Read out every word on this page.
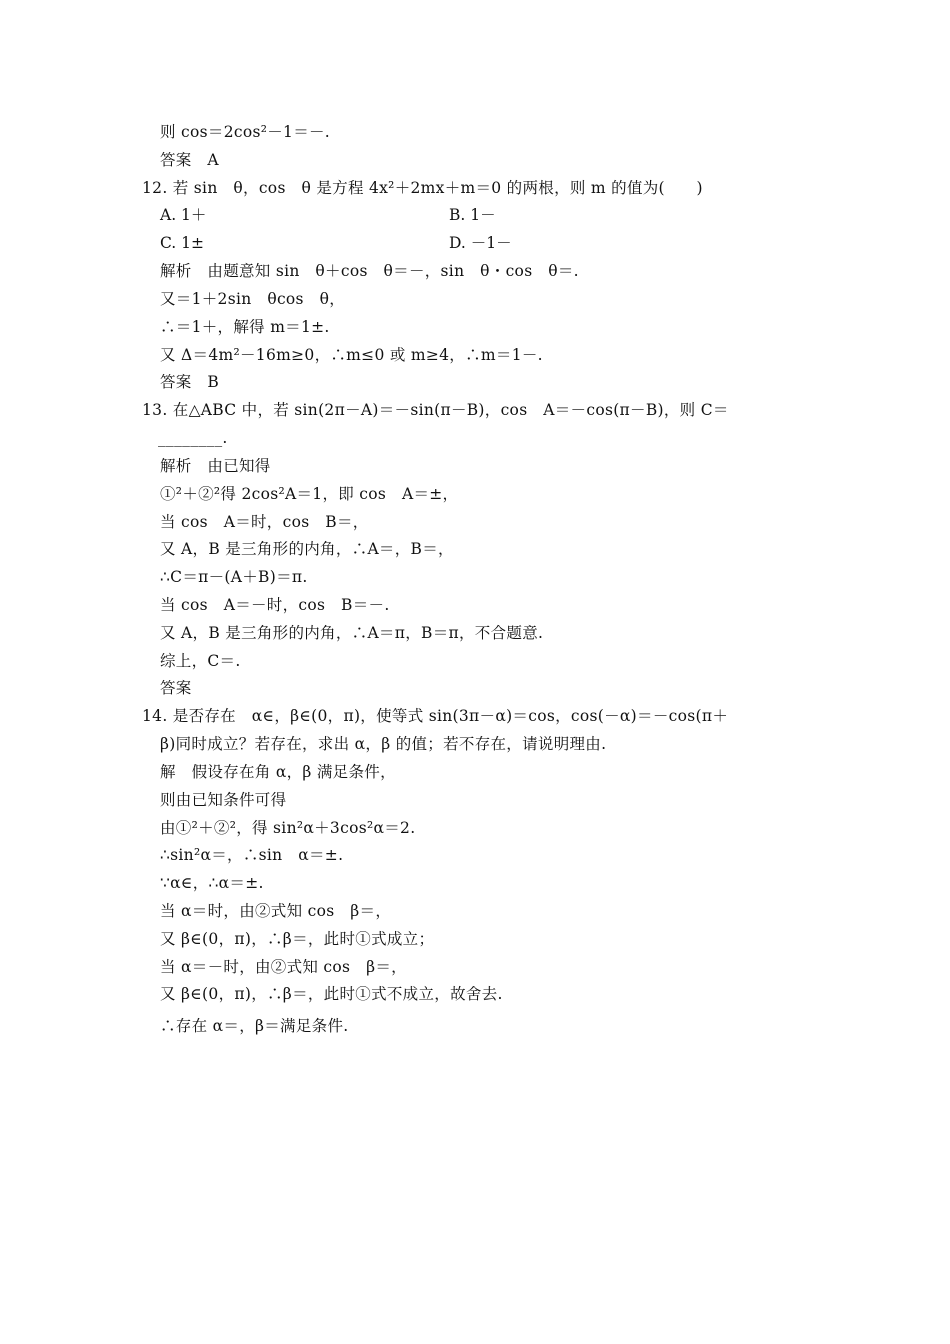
则 cos＝2cos²－1＝－.
答案　A
12. 若 sin　θ，cos　θ 是方程 4x²＋2mx＋m＝0 的两根，则 m 的值为(　　)
A. 1＋	B. 1－
C. 1±	D. －1－
解析　由题意知 sin　θ＋cos　θ＝－，sin　θ・cos　θ＝.
又＝1＋2sin　θcos　θ，
∴＝1＋，解得 m＝1±.
又 Δ＝4m²－16m≥0，∴m≤0 或 m≥4，∴m＝1－.
答案　B
13. 在△ABC 中，若 sin(2π－A)＝－sin(π－B)，cos　A＝－cos(π－B)，则 C＝
________.
解析　由已知得
①²＋②²得 2cos²A＝1，即 cos　A＝±，
当 cos　A＝时，cos　B＝，
又 A，B 是三角形的内角，∴A＝，B＝，
∴C＝π－(A＋B)＝π.
当 cos　A＝－时，cos　B＝－.
又 A，B 是三角形的内角，∴A＝π，B＝π，不合题意.
综上，C＝.
答案
14. 是否存在　α∈，β∈(0，π)，使等式 sin(3π－α)＝cos，cos(－α)＝－cos(π＋
β)同时成立？若存在，求出 α，β 的值；若不存在，请说明理由.
解　假设存在角 α，β 满足条件，
则由已知条件可得
由①²＋②²，得 sin²α＋3cos²α＝2.
∴sin²α＝，∴sin　α＝±.
∵α∈，∴α＝±.
当 α＝时，由②式知 cos　β＝，
又 β∈(0，π)，∴β＝，此时①式成立；
当 α＝－时，由②式知 cos　β＝，
又 β∈(0，π)，∴β＝，此时①式不成立，故舍去.
∴存在 α＝，β＝满足条件.
